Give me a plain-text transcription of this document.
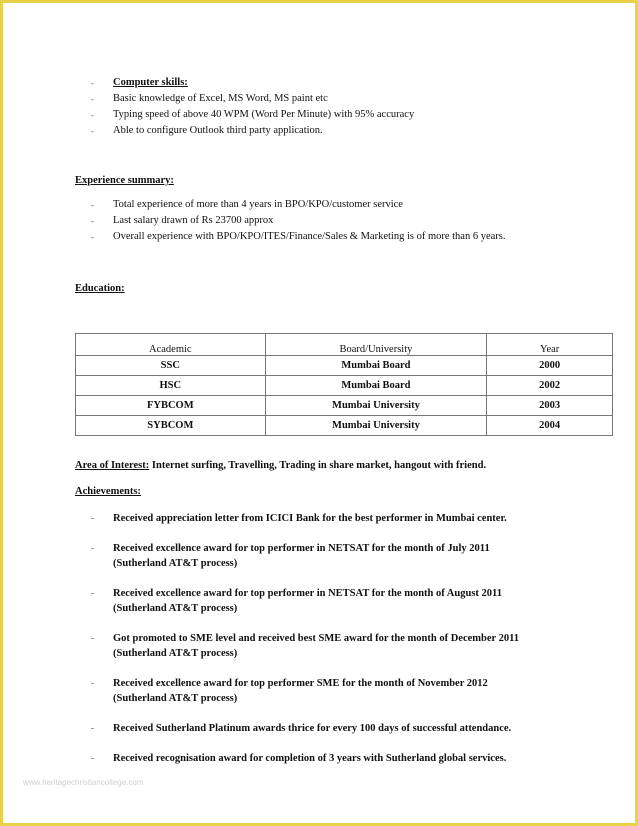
- Computer skills:
- Basic knowledge of Excel, MS Word, MS paint etc
- Typing speed of above 40 WPM (Word Per Minute) with 95% accuracy
- Able to configure Outlook third party application.
Experience summary:
- Total experience of more than 4 years in BPO/KPO/customer service
- Last salary drawn of Rs 23700 approx
- Overall experience with BPO/KPO/ITES/Finance/Sales & Marketing is of more than 6 years.
Education:
Academic	Board/University	Year
SSC	Mumbai Board	2000
HSC	Mumbai Board	2002
FYBCOM	Mumbai University	2003
SYBCOM	Mumbai University	2004
Area of Interest: Internet surfing, Travelling, Trading in share market, hangout with friend.
Achievements:
- Received appreciation letter from ICICI Bank for the best performer in Mumbai center.
- Received excellence award for top performer in NETSAT for the month of July 2011
(Sutherland AT&T process)
- Received excellence award for top performer in NETSAT for the month of August 2011
(Sutherland AT&T process)
- Got promoted to SME level and received best SME award for the month of December 2011
(Sutherland AT&T process)
- Received excellence award for top performer SME for the month of November 2012
(Sutherland AT&T process)
- Received Sutherland Platinum awards thrice for every 100 days of successful attendance.
- Received recognisation award for completion of 3 years with Sutherland global services.
www.heritagechristiancollege.com
